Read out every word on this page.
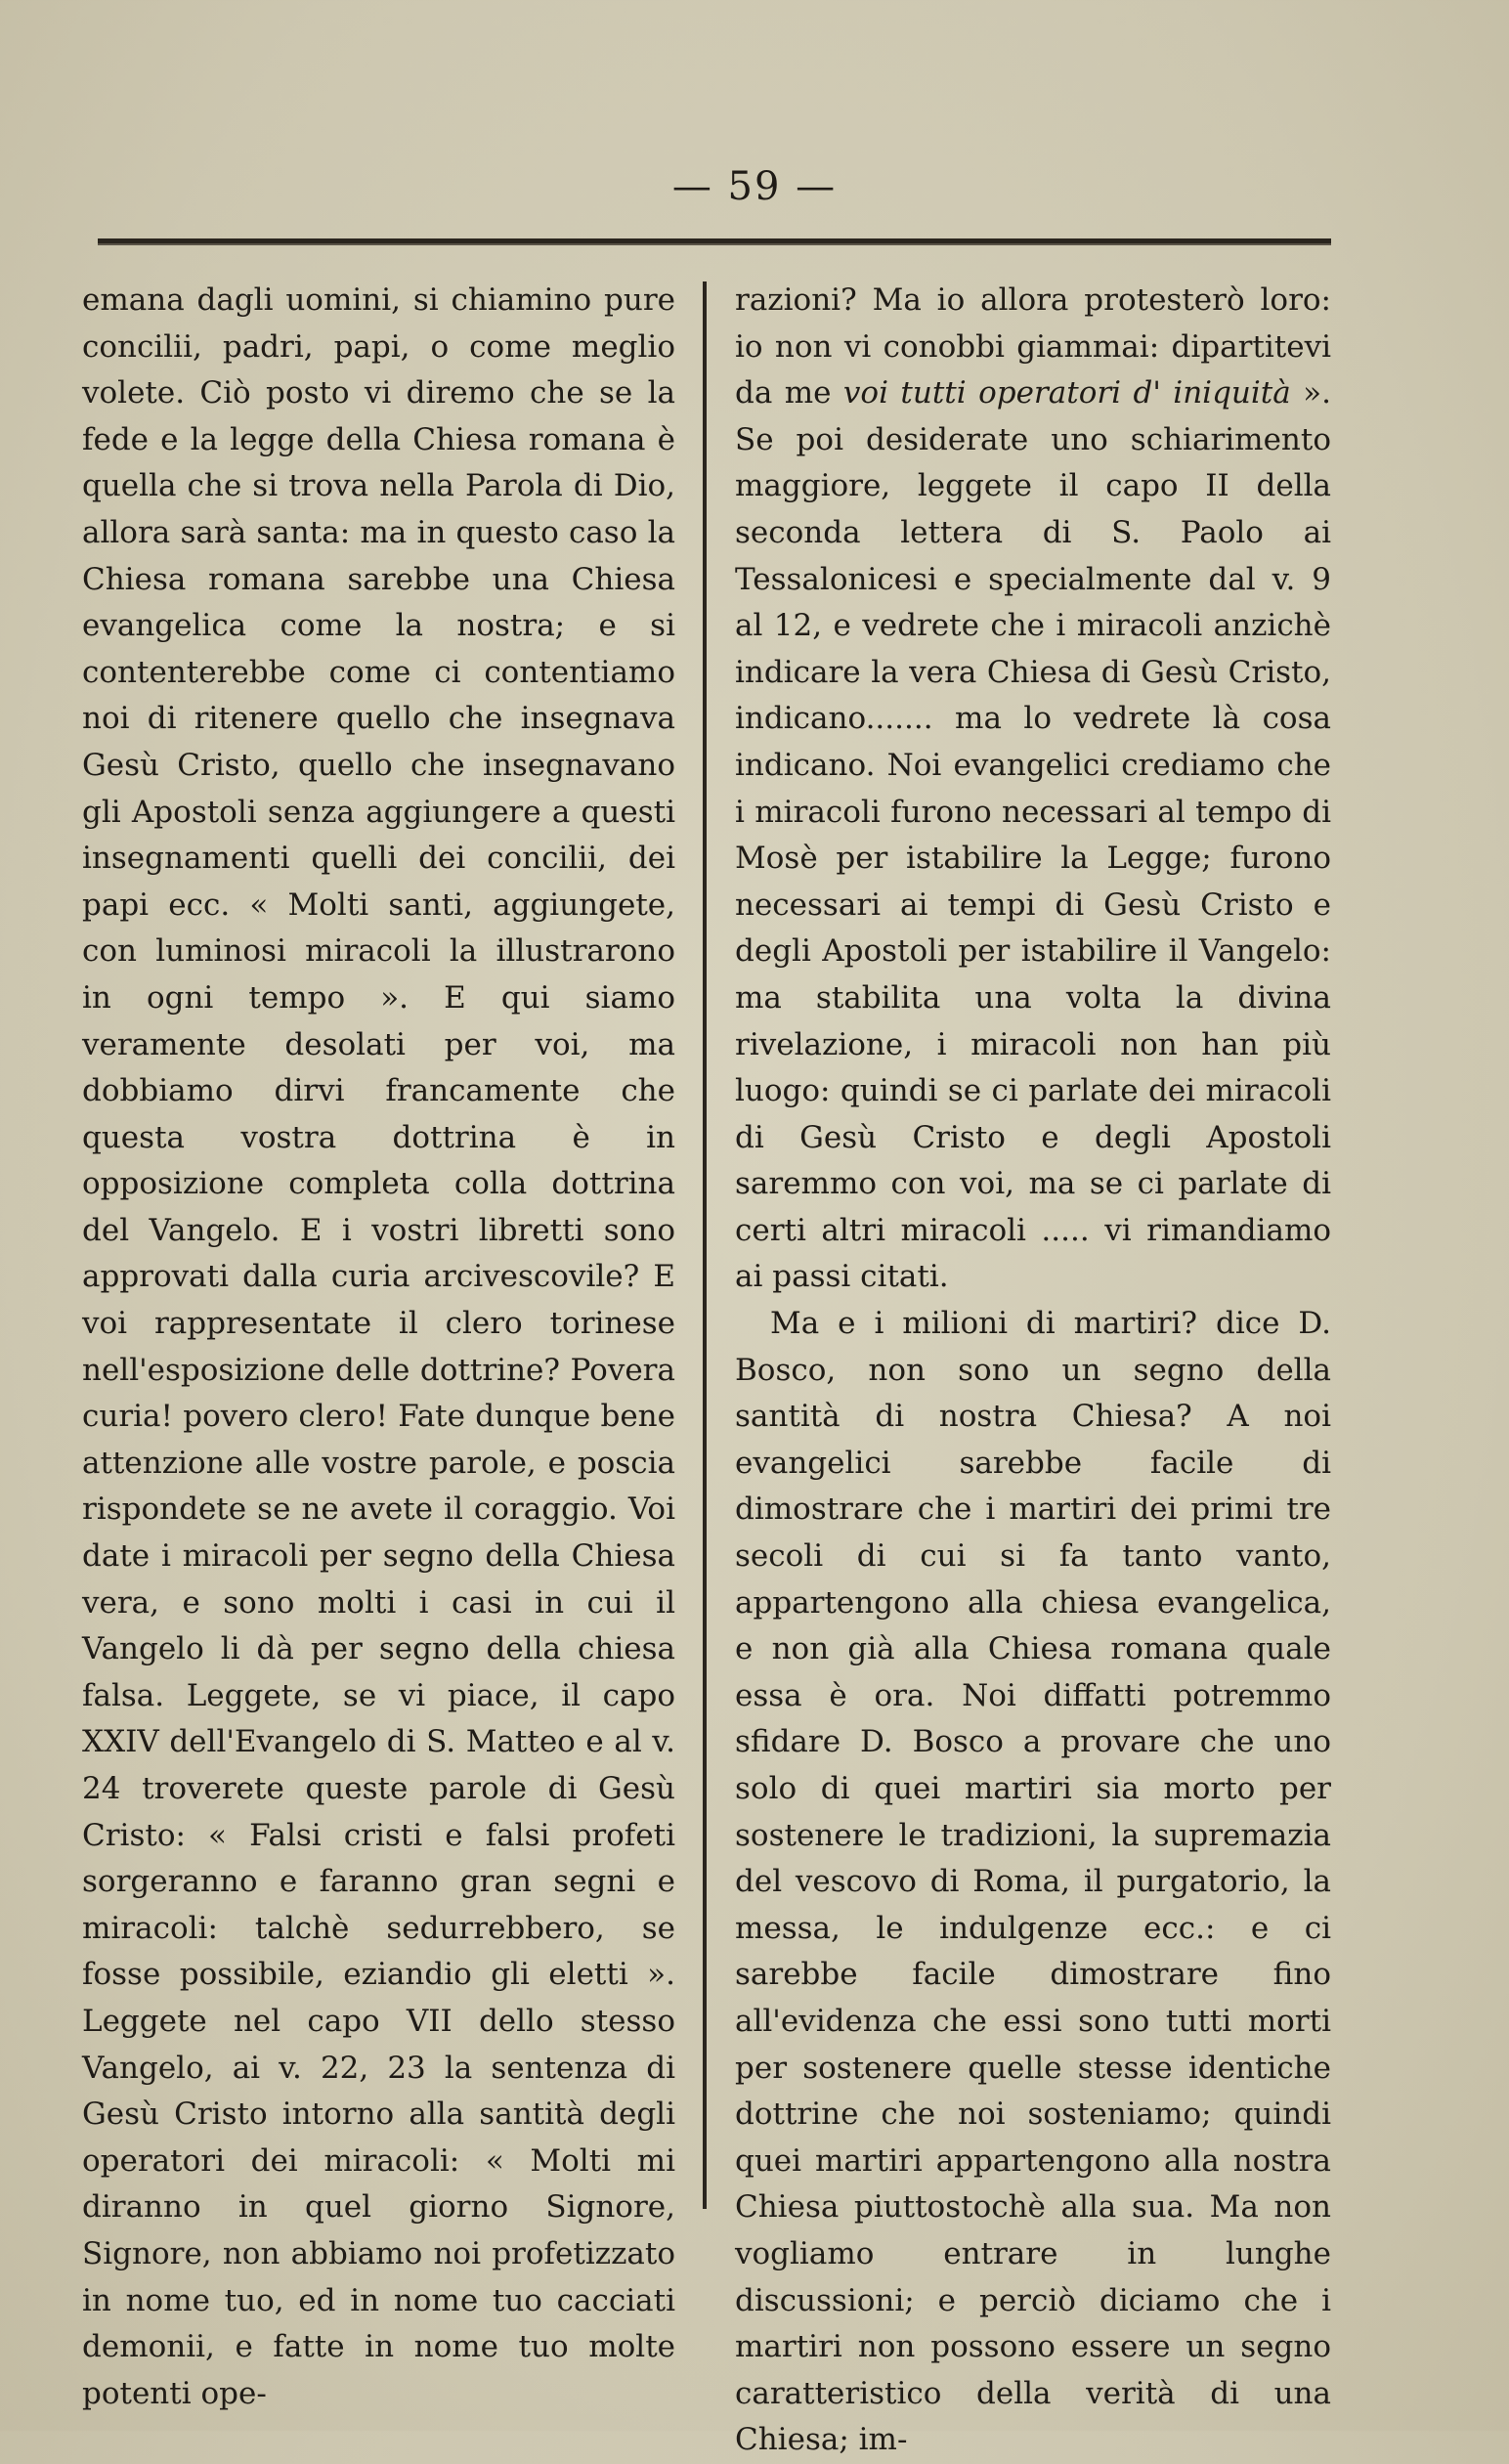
— 59 —

emana dagli uomini, si chiamino pure concilii, padri, papi, o come meglio volete. Ciò posto vi diremo che se la fede e la legge della Chiesa romana è quella che si trova nella Parola di Dio, allora sarà santa: ma in questo caso la Chiesa romana sarebbe una Chiesa evangelica come la nostra; e si contenterebbe come ci contentiamo noi di ritenere quello che insegnava Gesù Cristo, quello che insegnavano gli Apostoli senza aggiungere a questi insegnamenti quelli dei concilii, dei papi ecc. « Molti santi, aggiungete, con luminosi miracoli la illustrarono in ogni tempo ». E qui siamo veramente desolati per voi, ma dobbiamo dirvi francamente che questa vostra dottrina è in opposizione completa colla dottrina del Vangelo. E i vostri libretti sono approvati dalla curia arcivescovile? E voi rappresentate il clero torinese nell'esposizione delle dottrine? Povera curia! povero clero! Fate dunque bene attenzione alle vostre parole, e poscia rispondete se ne avete il coraggio. Voi date i miracoli per segno della Chiesa vera, e sono molti i casi in cui il Vangelo li dà per segno della chiesa falsa. Leggete, se vi piace, il capo XXIV dell'Evangelo di S. Matteo e al v. 24 troverete queste parole di Gesù Cristo: « Falsi cristi e falsi profeti sorgeranno e faranno gran segni e miracoli: talchè sedurrebbero, se fosse possibile, eziandio gli eletti ». Leggete nel capo VII dello stesso Vangelo, ai v. 22, 23 la sentenza di Gesù Cristo intorno alla santità degli operatori dei miracoli: « Molti mi diranno in quel giorno Signore, Signore, non abbiamo noi profetizzato in nome tuo, ed in nome tuo cacciati demonii, e fatte in nome tuo molte potenti ope-

razioni? Ma io allora protesterò loro: io non vi conobbi giammai: dipartitevi da me voi tutti operatori d' iniquità ». Se poi desiderate uno schiarimento maggiore, leggete il capo II della seconda lettera di S. Paolo ai Tessalonicesi e specialmente dal v. 9 al 12, e vedrete che i miracoli anzichè indicare la vera Chiesa di Gesù Cristo, indicano....... ma lo vedrete là cosa indicano. Noi evangelici crediamo che i miracoli furono necessari al tempo di Mosè per istabilire la Legge; furono necessari ai tempi di Gesù Cristo e degli Apostoli per istabilire il Vangelo: ma stabilita una volta la divina rivelazione, i miracoli non han più luogo: quindi se ci parlate dei miracoli di Gesù Cristo e degli Apostoli saremmo con voi, ma se ci parlate di certi altri miracoli ..... vi rimandiamo ai passi citati.

Ma e i milioni di martiri? dice D. Bosco, non sono un segno della santità di nostra Chiesa? A noi evangelici sarebbe facile di dimostrare che i martiri dei primi tre secoli di cui si fa tanto vanto, appartengono alla chiesa evangelica, e non già alla Chiesa romana quale essa è ora. Noi diffatti potremmo sfidare D. Bosco a provare che uno solo di quei martiri sia morto per sostenere le tradizioni, la supremazia del vescovo di Roma, il purgatorio, la messa, le indulgenze ecc.: e ci sarebbe facile dimostrare fino all'evidenza che essi sono tutti morti per sostenere quelle stesse identiche dottrine che noi sosteniamo; quindi quei martiri appartengono alla nostra Chiesa piuttostochè alla sua. Ma non vogliamo entrare in lunghe discussioni; e perciò diciamo che i martiri non possono essere un segno caratteristico della verità di una Chiesa; im-
